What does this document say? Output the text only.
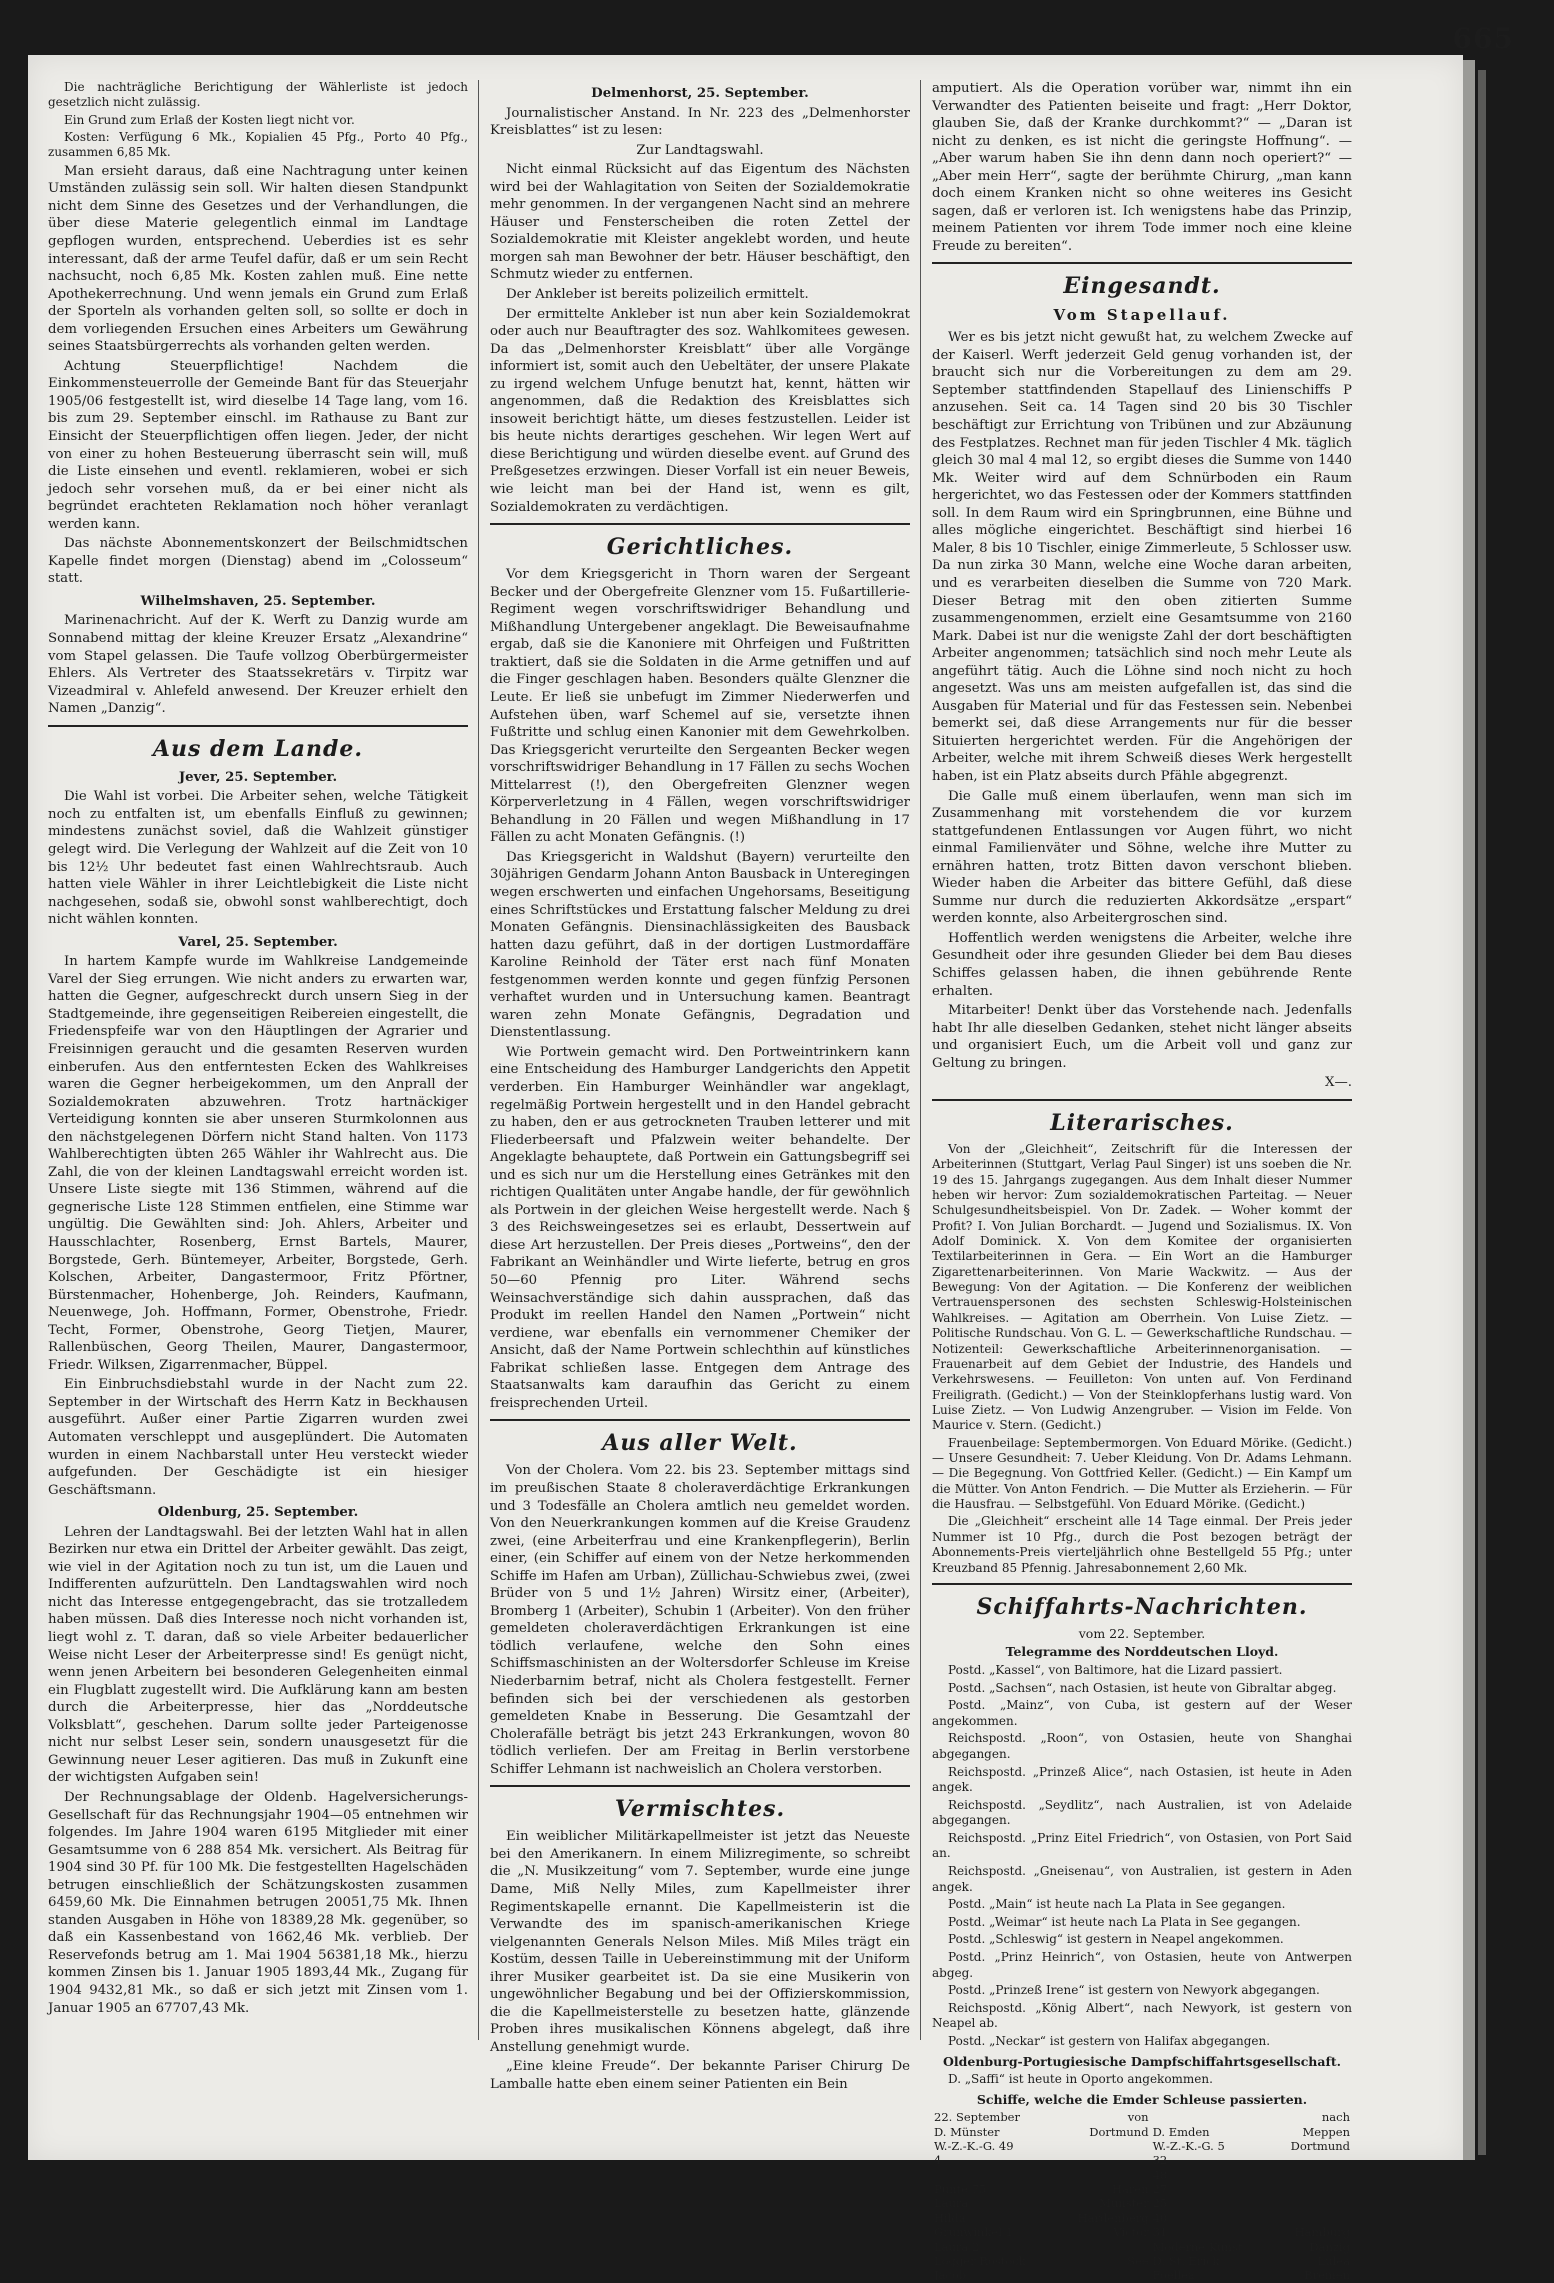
665

Die nachträgliche Berichtigung der Wählerliste ist jedoch gesetzlich nicht zulässig.

Ein Grund zum Erlaß der Kosten liegt nicht vor.

Kosten: Verfügung 6 Mk., Kopialien 45 Pfg., Porto 40 Pfg., zusammen 6,85 Mk.

Man ersieht daraus, daß eine Nachtragung unter keinen Umständen zulässig sein soll. Wir halten diesen Standpunkt nicht dem Sinne des Gesetzes und der Verhandlungen, die über diese Materie gelegentlich einmal im Landtage gepflogen wurden, entsprechend. Ueberdies ist es sehr interessant, daß der arme Teufel dafür, daß er um sein Recht nachsucht, noch 6,85 Mk. Kosten zahlen muß. Eine nette Apothekerrechnung. Und wenn jemals ein Grund zum Erlaß der Sporteln als vorhanden gelten soll, so sollte er doch in dem vorliegenden Ersuchen eines Arbeiters um Gewährung seines Staatsbürgerrechts als vorhanden gelten werden.

Achtung Steuerpflichtige! Nachdem die Einkommensteuerrolle der Gemeinde Bant für das Steuerjahr 1905/06 festgestellt ist, wird dieselbe 14 Tage lang, vom 16. bis zum 29. September einschl. im Rathause zu Bant zur Einsicht der Steuerpflichtigen offen liegen. Jeder, der nicht von einer zu hohen Besteuerung überrascht sein will, muß die Liste einsehen und eventl. reklamieren, wobei er sich jedoch sehr vorsehen muß, da er bei einer nicht als begründet erachteten Reklamation noch höher veranlagt werden kann.

Das nächste Abonnementskonzert der Beilschmidtschen Kapelle findet morgen (Dienstag) abend im „Colosseum“ statt.

Wilhelmshaven, 25. September.

Marinenachricht. Auf der K. Werft zu Danzig wurde am Sonnabend mittag der kleine Kreuzer Ersatz „Alexandrine“ vom Stapel gelassen. Die Taufe vollzog Oberbürgermeister Ehlers. Als Vertreter des Staatssekretärs v. Tirpitz war Vizeadmiral v. Ahlefeld anwesend. Der Kreuzer erhielt den Namen „Danzig“.

Aus dem Lande.

Jever, 25. September.

Die Wahl ist vorbei. Die Arbeiter sehen, welche Tätigkeit noch zu entfalten ist, um ebenfalls Einfluß zu gewinnen; mindestens zunächst soviel, daß die Wahlzeit günstiger gelegt wird. Die Verlegung der Wahlzeit auf die Zeit von 10 bis 12½ Uhr bedeutet fast einen Wahlrechtsraub. Auch hatten viele Wähler in ihrer Leichtlebigkeit die Liste nicht nachgesehen, sodaß sie, obwohl sonst wahlberechtigt, doch nicht wählen konnten.

Varel, 25. September.

In hartem Kampfe wurde im Wahlkreise Landgemeinde Varel der Sieg errungen. Wie nicht anders zu erwarten war, hatten die Gegner, aufgeschreckt durch unsern Sieg in der Stadtgemeinde, ihre gegenseitigen Reibereien eingestellt, die Friedenspfeife war von den Häuptlingen der Agrarier und Freisinnigen geraucht und die gesamten Reserven wurden einberufen. Aus den entferntesten Ecken des Wahlkreises waren die Gegner herbeigekommen, um den Anprall der Sozialdemokraten abzuwehren. Trotz hartnäckiger Verteidigung konnten sie aber unseren Sturmkolonnen aus den nächstgelegenen Dörfern nicht Stand halten. Von 1173 Wahlberechtigten übten 265 Wähler ihr Wahlrecht aus. Die Zahl, die von der kleinen Landtagswahl erreicht worden ist. Unsere Liste siegte mit 136 Stimmen, während auf die gegnerische Liste 128 Stimmen entfielen, eine Stimme war ungültig. Die Gewählten sind: Joh. Ahlers, Arbeiter und Hausschlachter, Rosenberg, Ernst Bartels, Maurer, Borgstede, Gerh. Büntemeyer, Arbeiter, Borgstede, Gerh. Kolschen, Arbeiter, Dangastermoor, Fritz Pförtner, Bürstenmacher, Hohenberge, Joh. Reinders, Kaufmann, Neuenwege, Joh. Hoffmann, Former, Obenstrohe, Friedr. Techt, Former, Obenstrohe, Georg Tietjen, Maurer, Rallenbüschen, Georg Theilen, Maurer, Dangastermoor, Friedr. Wilksen, Zigarrenmacher, Büppel.

Ein Einbruchsdiebstahl wurde in der Nacht zum 22. September in der Wirtschaft des Herrn Katz in Beckhausen ausgeführt. Außer einer Partie Zigarren wurden zwei Automaten verschleppt und ausgeplündert. Die Automaten wurden in einem Nachbarstall unter Heu versteckt wieder aufgefunden. Der Geschädigte ist ein hiesiger Geschäftsmann.

Oldenburg, 25. September.

Lehren der Landtagswahl. Bei der letzten Wahl hat in allen Bezirken nur etwa ein Drittel der Arbeiter gewählt. Das zeigt, wie viel in der Agitation noch zu tun ist, um die Lauen und Indifferenten aufzurütteln. Den Landtagswahlen wird noch nicht das Interesse entgegengebracht, das sie trotzalledem haben müssen. Daß dies Interesse noch nicht vorhanden ist, liegt wohl z. T. daran, daß so viele Arbeiter bedauerlicher Weise nicht Leser der Arbeiterpresse sind! Es genügt nicht, wenn jenen Arbeitern bei besonderen Gelegenheiten einmal ein Flugblatt zugestellt wird. Die Aufklärung kann am besten durch die Arbeiterpresse, hier das „Norddeutsche Volksblatt“, geschehen. Darum sollte jeder Parteigenosse nicht nur selbst Leser sein, sondern unausgesetzt für die Gewinnung neuer Leser agitieren. Das muß in Zukunft eine der wichtigsten Aufgaben sein!

Der Rechnungsablage der Oldenb. Hagelversicherungs-Gesellschaft für das Rechnungsjahr 1904—05 entnehmen wir folgendes. Im Jahre 1904 waren 6195 Mitglieder mit einer Gesamtsumme von 6 288 854 Mk. versichert. Als Beitrag für 1904 sind 30 Pf. für 100 Mk. Die festgestellten Hagelschäden betrugen einschließlich der Schätzungskosten zusammen 6459,60 Mk. Die Einnahmen betrugen 20051,75 Mk. Ihnen standen Ausgaben in Höhe von 18389,28 Mk. gegenüber, so daß ein Kassenbestand von 1662,46 Mk. verblieb. Der Reservefonds betrug am 1. Mai 1904 56381,18 Mk., hierzu kommen Zinsen bis 1. Januar 1905 1893,44 Mk., Zugang für 1904 9432,81 Mk., so daß er sich jetzt mit Zinsen vom 1. Januar 1905 an 67707,43 Mk.

Delmenhorst, 25. September.

Journalistischer Anstand. In Nr. 223 des „Delmenhorster Kreisblattes“ ist zu lesen:

Zur Landtagswahl.

Nicht einmal Rücksicht auf das Eigentum des Nächsten wird bei der Wahlagitation von Seiten der Sozialdemokratie mehr genommen. In der vergangenen Nacht sind an mehrere Häuser und Fensterscheiben die roten Zettel der Sozialdemokratie mit Kleister angeklebt worden, und heute morgen sah man Bewohner der betr. Häuser beschäftigt, den Schmutz wieder zu entfernen.

Der Ankleber ist bereits polizeilich ermittelt.

Der ermittelte Ankleber ist nun aber kein Sozialdemokrat oder auch nur Beauftragter des soz. Wahlkomitees gewesen. Da das „Delmenhorster Kreisblatt“ über alle Vorgänge informiert ist, somit auch den Uebeltäter, der unsere Plakate zu irgend welchem Unfuge benutzt hat, kennt, hätten wir angenommen, daß die Redaktion des Kreisblattes sich insoweit berichtigt hätte, um dieses festzustellen. Leider ist bis heute nichts derartiges geschehen. Wir legen Wert auf diese Berichtigung und würden dieselbe event. auf Grund des Preßgesetzes erzwingen. Dieser Vorfall ist ein neuer Beweis, wie leicht man bei der Hand ist, wenn es gilt, Sozialdemokraten zu verdächtigen.

Gerichtliches.

Vor dem Kriegsgericht in Thorn waren der Sergeant Becker und der Obergefreite Glenzner vom 15. Fußartillerie-Regiment wegen vorschriftswidriger Behandlung und Mißhandlung Untergebener angeklagt. Die Beweisaufnahme ergab, daß sie die Kanoniere mit Ohrfeigen und Fußtritten traktiert, daß sie die Soldaten in die Arme getniffen und auf die Finger geschlagen haben. Besonders quälte Glenzner die Leute. Er ließ sie unbefugt im Zimmer Niederwerfen und Aufstehen üben, warf Schemel auf sie, versetzte ihnen Fußtritte und schlug einen Kanonier mit dem Gewehrkolben. Das Kriegsgericht verurteilte den Sergeanten Becker wegen vorschriftswidriger Behandlung in 17 Fällen zu sechs Wochen Mittelarrest (!), den Obergefreiten Glenzner wegen Körperverletzung in 4 Fällen, wegen vorschriftswidriger Behandlung in 20 Fällen und wegen Mißhandlung in 17 Fällen zu acht Monaten Gefängnis. (!)

Das Kriegsgericht in Waldshut (Bayern) verurteilte den 30jährigen Gendarm Johann Anton Bausback in Unteregingen wegen erschwerten und einfachen Ungehorsams, Beseitigung eines Schriftstückes und Erstattung falscher Meldung zu drei Monaten Gefängnis. Diensinachlässigkeiten des Bausback hatten dazu geführt, daß in der dortigen Lustmordaffäre Karoline Reinhold der Täter erst nach fünf Monaten festgenommen werden konnte und gegen fünfzig Personen verhaftet wurden und in Untersuchung kamen. Beantragt waren zehn Monate Gefängnis, Degradation und Dienstentlassung.

Wie Portwein gemacht wird. Den Portweintrinkern kann eine Entscheidung des Hamburger Landgerichts den Appetit verderben. Ein Hamburger Weinhändler war angeklagt, regelmäßig Portwein hergestellt und in den Handel gebracht zu haben, den er aus getrockneten Trauben letterer und mit Fliederbeersaft und Pfalzwein weiter behandelte. Der Angeklagte behauptete, daß Portwein ein Gattungsbegriff sei und es sich nur um die Herstellung eines Getränkes mit den richtigen Qualitäten unter Angabe handle, der für gewöhnlich als Portwein in der gleichen Weise hergestellt werde. Nach § 3 des Reichsweingesetzes sei es erlaubt, Dessertwein auf diese Art herzustellen. Der Preis dieses „Portweins“, den der Fabrikant an Weinhändler und Wirte lieferte, betrug en gros 50—60 Pfennig pro Liter. Während sechs Weinsachverständige sich dahin aussprachen, daß das Produkt im reellen Handel den Namen „Portwein“ nicht verdiene, war ebenfalls ein vernommener Chemiker der Ansicht, daß der Name Portwein schlechthin auf künstliches Fabrikat schließen lasse. Entgegen dem Antrage des Staatsanwalts kam daraufhin das Gericht zu einem freisprechenden Urteil.

Aus aller Welt.

Von der Cholera. Vom 22. bis 23. September mittags sind im preußischen Staate 8 choleraverdächtige Erkrankungen und 3 Todesfälle an Cholera amtlich neu gemeldet worden. Von den Neuerkrankungen kommen auf die Kreise Graudenz zwei, (eine Arbeiterfrau und eine Krankenpflegerin), Berlin einer, (ein Schiffer auf einem von der Netze herkommenden Schiffe im Hafen am Urban), Züllichau-Schwiebus zwei, (zwei Brüder von 5 und 1½ Jahren) Wirsitz einer, (Arbeiter), Bromberg 1 (Arbeiter), Schubin 1 (Arbeiter). Von den früher gemeldeten choleraverdächtigen Erkrankungen ist eine tödlich verlaufene, welche den Sohn eines Schiffsmaschinisten an der Woltersdorfer Schleuse im Kreise Niederbarnim betraf, nicht als Cholera festgestellt. Ferner befinden sich bei der verschiedenen als gestorben gemeldeten Knabe in Besserung. Die Gesamtzahl der Cholerafälle beträgt bis jetzt 243 Erkrankungen, wovon 80 tödlich verliefen. Der am Freitag in Berlin verstorbene Schiffer Lehmann ist nachweislich an Cholera verstorben.

Vermischtes.

Ein weiblicher Militärkapellmeister ist jetzt das Neueste bei den Amerikanern. In einem Milizregimente, so schreibt die „N. Musikzeitung“ vom 7. September, wurde eine junge Dame, Miß Nelly Miles, zum Kapellmeister ihrer Regimentskapelle ernannt. Die Kapellmeisterin ist die Verwandte des im spanisch-amerikanischen Kriege vielgenannten Generals Nelson Miles. Miß Miles trägt ein Kostüm, dessen Taille in Uebereinstimmung mit der Uniform ihrer Musiker gearbeitet ist. Da sie eine Musikerin von ungewöhnlicher Begabung und bei der Offizierskommission, die die Kapellmeisterstelle zu besetzen hatte, glänzende Proben ihres musikalischen Könnens abgelegt, daß ihre Anstellung genehmigt wurde.

„Eine kleine Freude“. Der bekannte Pariser Chirurg De Lamballe hatte eben einem seiner Patienten ein Bein

amputiert. Als die Operation vorüber war, nimmt ihn ein Verwandter des Patienten beiseite und fragt: „Herr Doktor, glauben Sie, daß der Kranke durchkommt?“ — „Daran ist nicht zu denken, es ist nicht die geringste Hoffnung“. — „Aber warum haben Sie ihn denn dann noch operiert?“ — „Aber mein Herr“, sagte der berühmte Chirurg, „man kann doch einem Kranken nicht so ohne weiteres ins Gesicht sagen, daß er verloren ist. Ich wenigstens habe das Prinzip, meinem Patienten vor ihrem Tode immer noch eine kleine Freude zu bereiten“.

Eingesandt.
Vom Stapellauf.

Wer es bis jetzt nicht gewußt hat, zu welchem Zwecke auf der Kaiserl. Werft jederzeit Geld genug vorhanden ist, der braucht sich nur die Vorbereitungen zu dem am 29. September stattfindenden Stapellauf des Linienschiffs P anzusehen. Seit ca. 14 Tagen sind 20 bis 30 Tischler beschäftigt zur Errichtung von Tribünen und zur Abzäunung des Festplatzes. Rechnet man für jeden Tischler 4 Mk. täglich gleich 30 mal 4 mal 12, so ergibt dieses die Summe von 1440 Mk. Weiter wird auf dem Schnürboden ein Raum hergerichtet, wo das Festessen oder der Kommers stattfinden soll. In dem Raum wird ein Springbrunnen, eine Bühne und alles mögliche eingerichtet. Beschäftigt sind hierbei 16 Maler, 8 bis 10 Tischler, einige Zimmerleute, 5 Schlosser usw. Da nun zirka 30 Mann, welche eine Woche daran arbeiten, und es verarbeiten dieselben die Summe von 720 Mark. Dieser Betrag mit den oben zitierten Summe zusammengenommen, erzielt eine Gesamtsumme von 2160 Mark. Dabei ist nur die wenigste Zahl der dort beschäftigten Arbeiter angenommen; tatsächlich sind noch mehr Leute als angeführt tätig. Auch die Löhne sind noch nicht zu hoch angesetzt. Was uns am meisten aufgefallen ist, das sind die Ausgaben für Material und für das Festessen sein. Nebenbei bemerkt sei, daß diese Arrangements nur für die besser Situierten hergerichtet werden. Für die Angehörigen der Arbeiter, welche mit ihrem Schweiß dieses Werk hergestellt haben, ist ein Platz abseits durch Pfähle abgegrenzt.

Die Galle muß einem überlaufen, wenn man sich im Zusammenhang mit vorstehendem die vor kurzem stattgefundenen Entlassungen vor Augen führt, wo nicht einmal Familienväter und Söhne, welche ihre Mutter zu ernähren hatten, trotz Bitten davon verschont blieben. Wieder haben die Arbeiter das bittere Gefühl, daß diese Summe nur durch die reduzierten Akkordsätze „erspart“ werden konnte, also Arbeitergroschen sind.

Hoffentlich werden wenigstens die Arbeiter, welche ihre Gesundheit oder ihre gesunden Glieder bei dem Bau dieses Schiffes gelassen haben, die ihnen gebührende Rente erhalten.

Mitarbeiter! Denkt über das Vorstehende nach. Jedenfalls habt Ihr alle dieselben Gedanken, stehet nicht länger abseits und organisiert Euch, um die Arbeit voll und ganz zur Geltung zu bringen.

X—.

Literarisches.

Von der „Gleichheit“, Zeitschrift für die Interessen der Arbeiterinnen (Stuttgart, Verlag Paul Singer) ist uns soeben die Nr. 19 des 15. Jahrgangs zugegangen. Aus dem Inhalt dieser Nummer heben wir hervor: Zum sozialdemokratischen Parteitag. — Neuer Schulgesundheitsbeispiel. Von Dr. Zadek. — Woher kommt der Profit? I. Von Julian Borchardt. — Jugend und Sozialismus. IX. Von Adolf Dominick. X. Von dem Komitee der organisierten Textilarbeiterinnen in Gera. — Ein Wort an die Hamburger Zigarettenarbeiterinnen. Von Marie Wackwitz. — Aus der Bewegung: Von der Agitation. — Die Konferenz der weiblichen Vertrauenspersonen des sechsten Schleswig-Holsteinischen Wahlkreises. — Agitation am Oberrhein. Von Luise Zietz. — Politische Rundschau. Von G. L. — Gewerkschaftliche Rundschau. — Notizenteil: Gewerkschaftliche Arbeiterinnenorganisation. — Frauenarbeit auf dem Gebiet der Industrie, des Handels und Verkehrswesens. — Feuilleton: Von unten auf. Von Ferdinand Freiligrath. (Gedicht.) — Von der Steinklopferhans lustig ward. Von Luise Zietz. — Von Ludwig Anzengruber. — Vision im Felde. Von Maurice v. Stern. (Gedicht.)

Frauenbeilage: Septembermorgen. Von Eduard Mörike. (Gedicht.) — Unsere Gesundheit: 7. Ueber Kleidung. Von Dr. Adams Lehmann. — Die Begegnung. Von Gottfried Keller. (Gedicht.) — Ein Kampf um die Mütter. Von Anton Fendrich. — Die Mutter als Erzieherin. — Für die Hausfrau. — Selbstgefühl. Von Eduard Mörike. (Gedicht.)

Die „Gleichheit“ erscheint alle 14 Tage einmal. Der Preis jeder Nummer ist 10 Pfg., durch die Post bezogen beträgt der Abonnements-Preis vierteljährlich ohne Bestellgeld 55 Pfg.; unter Kreuzband 85 Pfennig. Jahresabonnement 2,60 Mk.

Schiffahrts-Nachrichten.
vom 22. September.
Telegramme des Norddeutschen Lloyd.

Postd. „Kassel“, von Baltimore, hat die Lizard passiert.

Postd. „Sachsen“, nach Ostasien, ist heute von Gibraltar abgeg.

Postd. „Mainz“, von Cuba, ist gestern auf der Weser angekommen.

Reichspostd. „Roon“, von Ostasien, heute von Shanghai abgegangen.

Reichspostd. „Prinzeß Alice“, nach Ostasien, ist heute in Aden angek.

Reichspostd. „Seydlitz“, nach Australien, ist von Adelaide abgegangen.

Reichspostd. „Prinz Eitel Friedrich“, von Ostasien, von Port Said an.

Reichspostd. „Gneisenau“, von Australien, ist gestern in Aden angek.

Postd. „Main“ ist heute nach La Plata in See gegangen.

Postd. „Weimar“ ist heute nach La Plata in See gegangen.

Postd. „Schleswig“ ist gestern in Neapel angekommen.

Postd. „Prinz Heinrich“, von Ostasien, heute von Antwerpen abgeg.

Postd. „Prinzeß Irene“ ist gestern von Newyork abgegangen.

Reichspostd. „König Albert“, nach Newyork, ist gestern von Neapel ab.

Postd. „Neckar“ ist gestern von Halifax abgegangen.

Oldenburg-Portugiesische Dampfschiffahrtsgesellschaft.

D. „Saffi“ ist heute in Oporto angekommen.

Schiffe, welche die Emder Schleuse passierten.
22. September	von		nach
D. Münster	Dortmund	D. Emden	Meppen
W.-Z.-K.-G. 49		W.-Z.-K.-G. 5	Dortmund
4		32	
		48	
Pünte 75	Haren	27	
Laura	Münster	25	
Hilda	Hardenberg	40	
Grünwinkel 1	Victor	31	Hamburg
Laura 2		Moderne Kunst	Danzig
Logger Rostock	See	D. St. Erick	Lulea
Jacob		Foellea	Bremen
